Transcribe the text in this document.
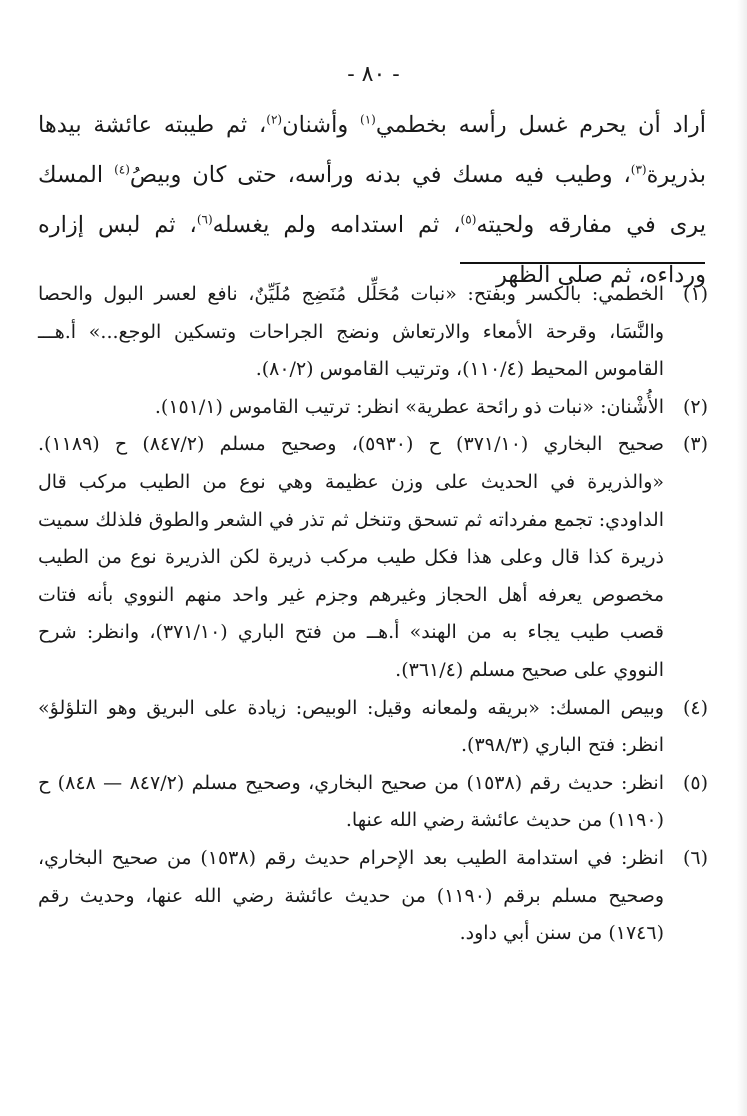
- ٨٠ -

أراد أن يحرم غسل رأسه بخطمي$^{(١)}$ وأشنان$^{(٢)}$، ثم طيبته عائشة بيدها بذريرة$^{(٣)}$، وطيب فيه مسك في بدنه ورأسه، حتى كان وبيصُ$^{(٤)}$ المسك يرى في مفارقه ولحيته$^{(٥)}$، ثم استدامه ولم يغسله$^{(٦)}$، ثم لبس إزاره ورداءه، ثم صلى الظهر

(١)
الخطمي: بالكسر وبفتح: «نبات مُحَلِّل مُنَضِج مُلَيِّنٌ، نافع لعسر البول والحصا والنَّسَا، وقرحة الأمعاء والارتعاش ونضج الجراحات وتسكين الوجع...» أ.هـــ القاموس المحيط (١١٠/٤)، وترتيب القاموس (٨٠/٢).
(٢)
الأُشْنان: «نبات ذو رائحة عطرية» انظر: ترتيب القاموس (١٥١/١).
(٣)
صحيح البخاري (٣٧١/١٠) ح (٥٩٣٠)، وصحيح مسلم (٨٤٧/٢) ح (١١٨٩). «والذريرة في الحديث على وزن عظيمة وهي نوع من الطيب مركب قال الداودي: تجمع مفرداته ثم تسحق وتنخل ثم تذر في الشعر والطوق فلذلك سميت ذريرة كذا قال وعلى هذا فكل طيب مركب ذريرة لكن الذريرة نوع من الطيب مخصوص يعرفه أهل الحجاز وغيرهم وجزم غير واحد منهم النووي بأنه فتات قصب طيب يجاء به من الهند» أ.هــ من فتح الباري (٣٧١/١٠)، وانظر: شرح النووي على صحيح مسلم (٣٦١/٤).
(٤)
وبيص المسك: «بريقه ولمعانه وقيل: الوبيص: زيادة على البريق وهو التلؤلؤ» انظر: فتح الباري (٣٩٨/٣).
(٥)
انظر: حديث رقم (١٥٣٨) من صحيح البخاري، وصحيح مسلم (٨٤٧/٢ — ٨٤٨) ح (١١٩٠) من حديث عائشة رضي الله عنها.
(٦)
انظر: في استدامة الطيب بعد الإحرام حديث رقم (١٥٣٨) من صحيح البخاري، وصحيح مسلم برقم (١١٩٠) من حديث عائشة رضي الله عنها، وحديث رقم (١٧٤٦) من سنن أبي داود.
